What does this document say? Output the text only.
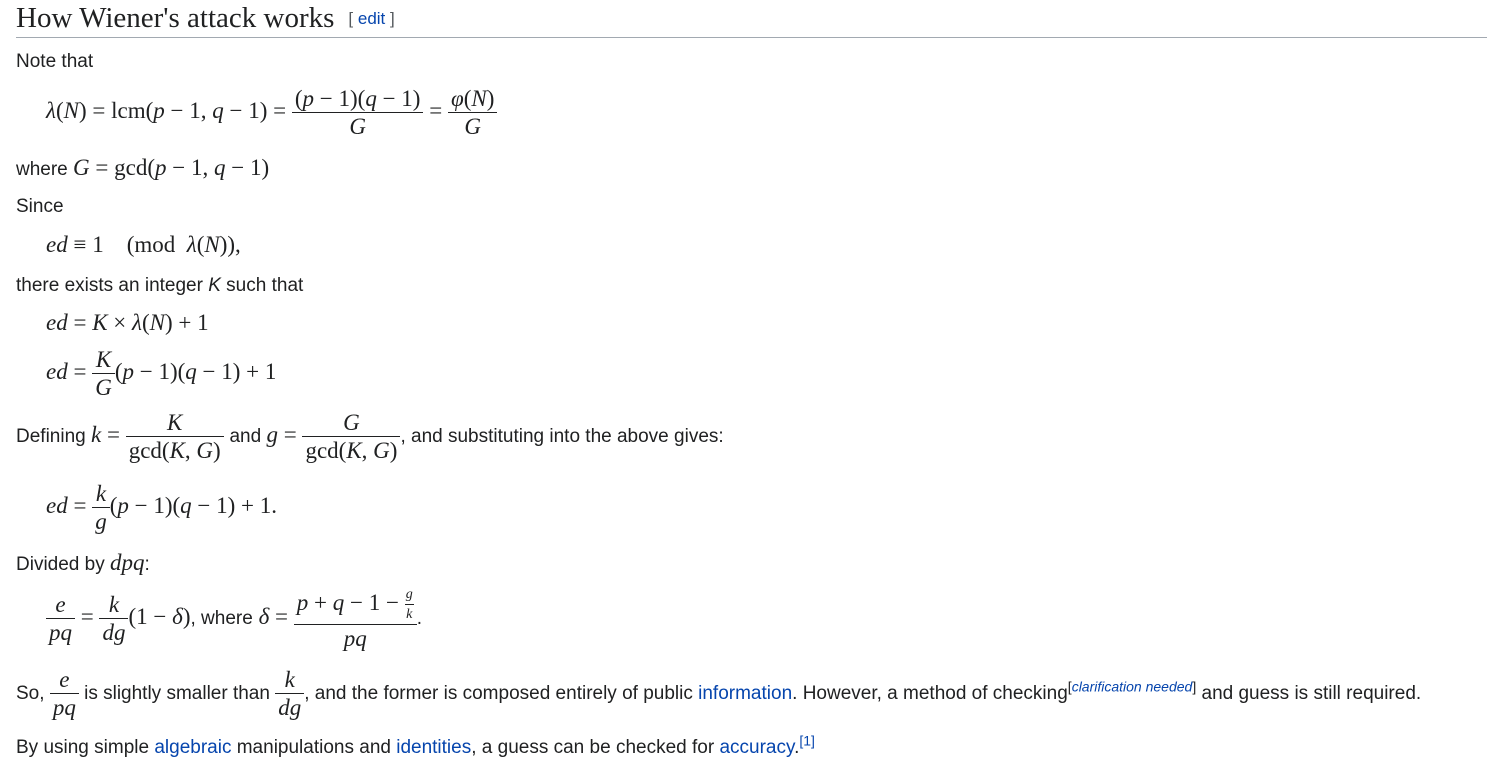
How Wiener's attack works [ edit ]
Note that
λ(N) = lcm(p − 1, $q - 1) = \frac{(p - 1)(q - 1)}{G} = \frac{\varphi(N)}{G}$
where G = gcd(p − 1, q − 1)
Since
ed ≡ 1    (mod  λ(N)),
there exists an integer K such that
ed = K × λ(N) + 1
ed = $\frac{K}{G} (p - 1)(q - 1) + 1$
Defining $k = \frac{K}{\gcd(K, G)}$ and $g = \frac{G}{\gcd(K, G)}$ , and substituting into the above gives:
ed = $\frac{k}{g} (p - 1)(q - 1) + 1$.
Divided by dpq:
$\frac{e}{pq} = \frac{k}{dg} (1 - \delta)$, where $\delta = \frac{p + q - 1 - \frac{g}{k}}{pq}$ .
So, $\frac{e}{pq}$ is slightly smaller than $\frac{k}{dg}$ , and the former is composed entirely of public information. However, a method of checking[clarification needed] and guess is still required.
By using simple algebraic manipulations and identities, a guess can be checked for accuracy.[1]
